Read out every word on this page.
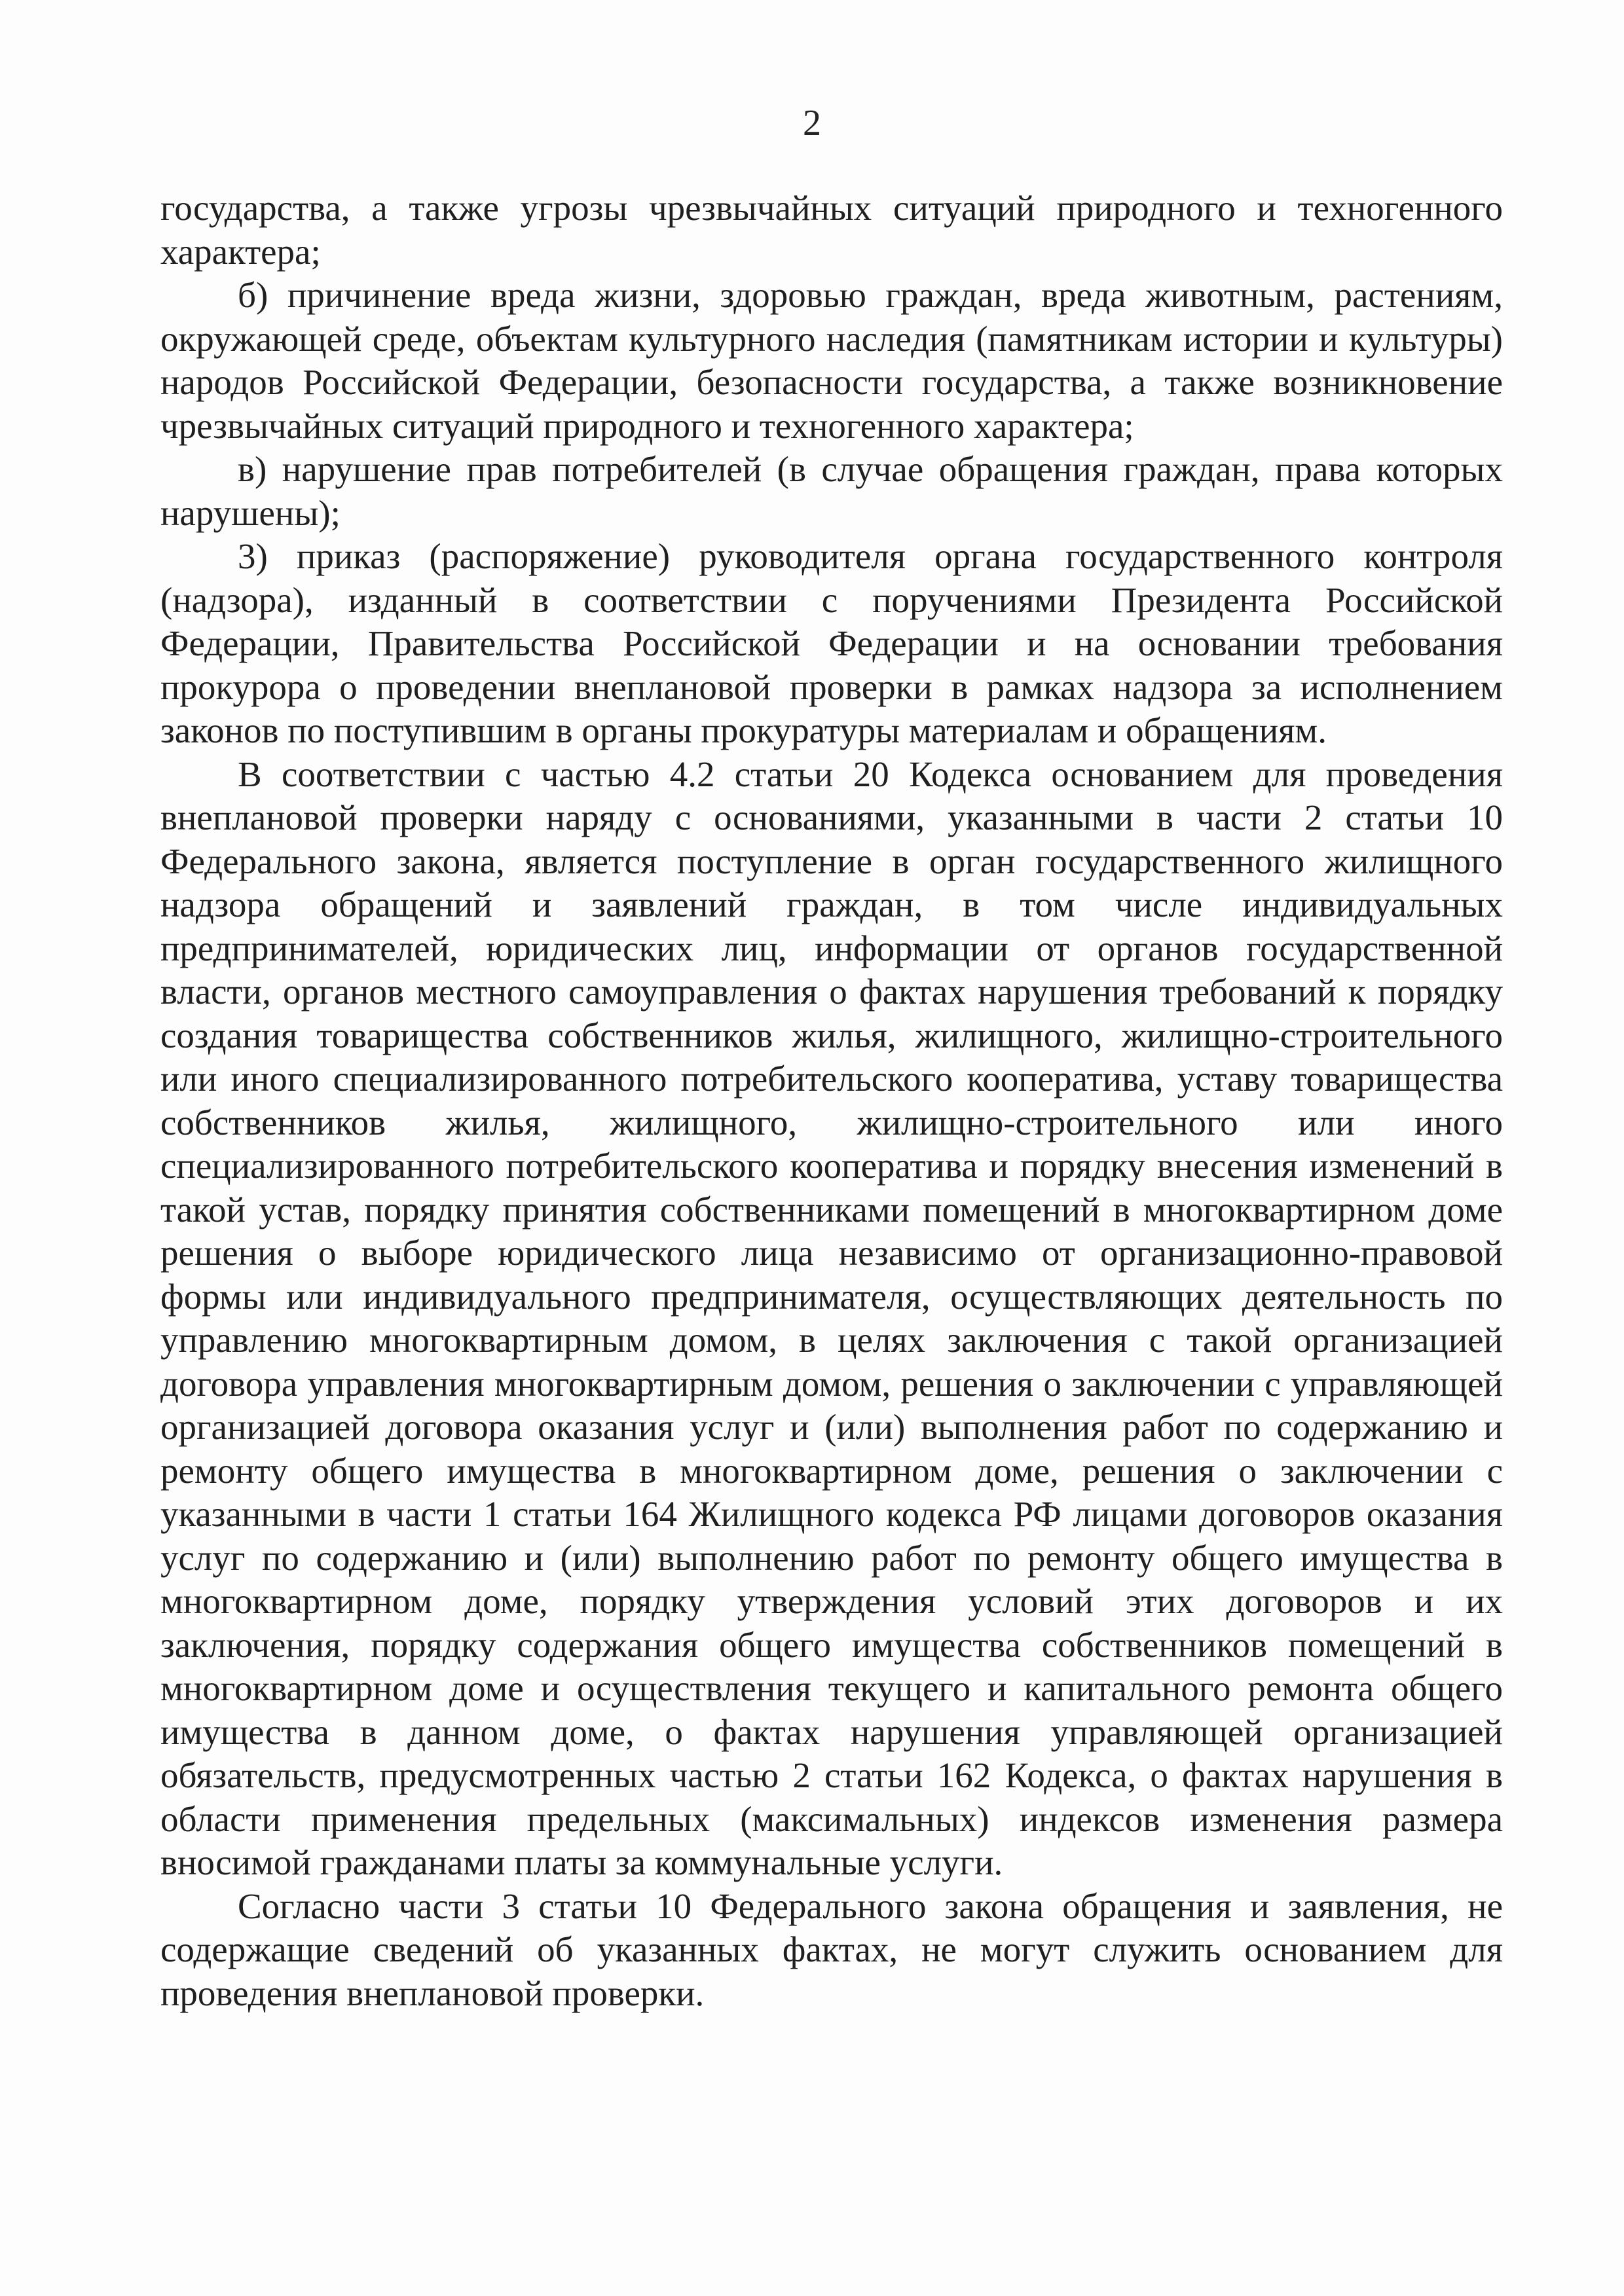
2

государства, а также угрозы чрезвычайных ситуаций природного и техногенного характера;

б) причинение вреда жизни, здоровью граждан, вреда животным, растениям, окружающей среде, объектам культурного наследия (памятникам истории и культуры) народов Российской Федерации, безопасности государства, а также возникновение чрезвычайных ситуаций природного и техногенного характера;

в) нарушение прав потребителей (в случае обращения граждан, права которых нарушены);

3) приказ (распоряжение) руководителя органа государственного контроля (надзора), изданный в соответствии с поручениями Президента Российской Федерации, Правительства Российской Федерации и на основании требования прокурора о проведении внеплановой проверки в рамках надзора за исполнением законов по поступившим в органы прокуратуры материалам и обращениям.

В соответствии с частью 4.2 статьи 20 Кодекса основанием для проведения внеплановой проверки наряду с основаниями, указанными в части 2 статьи 10 Федерального закона, является поступление в орган государственного жилищного надзора обращений и заявлений граждан, в том числе индивидуальных предпринимателей, юридических лиц, информации от органов государственной власти, органов местного самоуправления о фактах нарушения требований к порядку создания товарищества собственников жилья, жилищного, жилищно-строительного или иного специализированного потребительского кооператива, уставу товарищества собственников жилья, жилищного, жилищно-строительного или иного специализированного потребительского кооператива и порядку внесения изменений в такой устав, порядку принятия собственниками помещений в многоквартирном доме решения о выборе юридического лица независимо от организационно-правовой формы или индивидуального предпринимателя, осуществляющих деятельность по управлению многоквартирным домом, в целях заключения с такой организацией договора управления многоквартирным домом, решения о заключении с управляющей организацией договора оказания услуг и (или) выполнения работ по содержанию и ремонту общего имущества в многоквартирном доме, решения о заключении с указанными в части 1 статьи 164 Жилищного кодекса РФ лицами договоров оказания услуг по содержанию и (или) выполнению работ по ремонту общего имущества в многоквартирном доме, порядку утверждения условий этих договоров и их заключения, порядку содержания общего имущества собственников помещений в многоквартирном доме и осуществления текущего и капитального ремонта общего имущества в данном доме, о фактах нарушения управляющей организацией обязательств, предусмотренных частью 2 статьи 162 Кодекса, о фактах нарушения в области применения предельных (максимальных) индексов изменения размера вносимой гражданами платы за коммунальные услуги.

Согласно части 3 статьи 10 Федерального закона обращения и заявления, не содержащие сведений об указанных фактах, не могут служить основанием для проведения внеплановой проверки.
